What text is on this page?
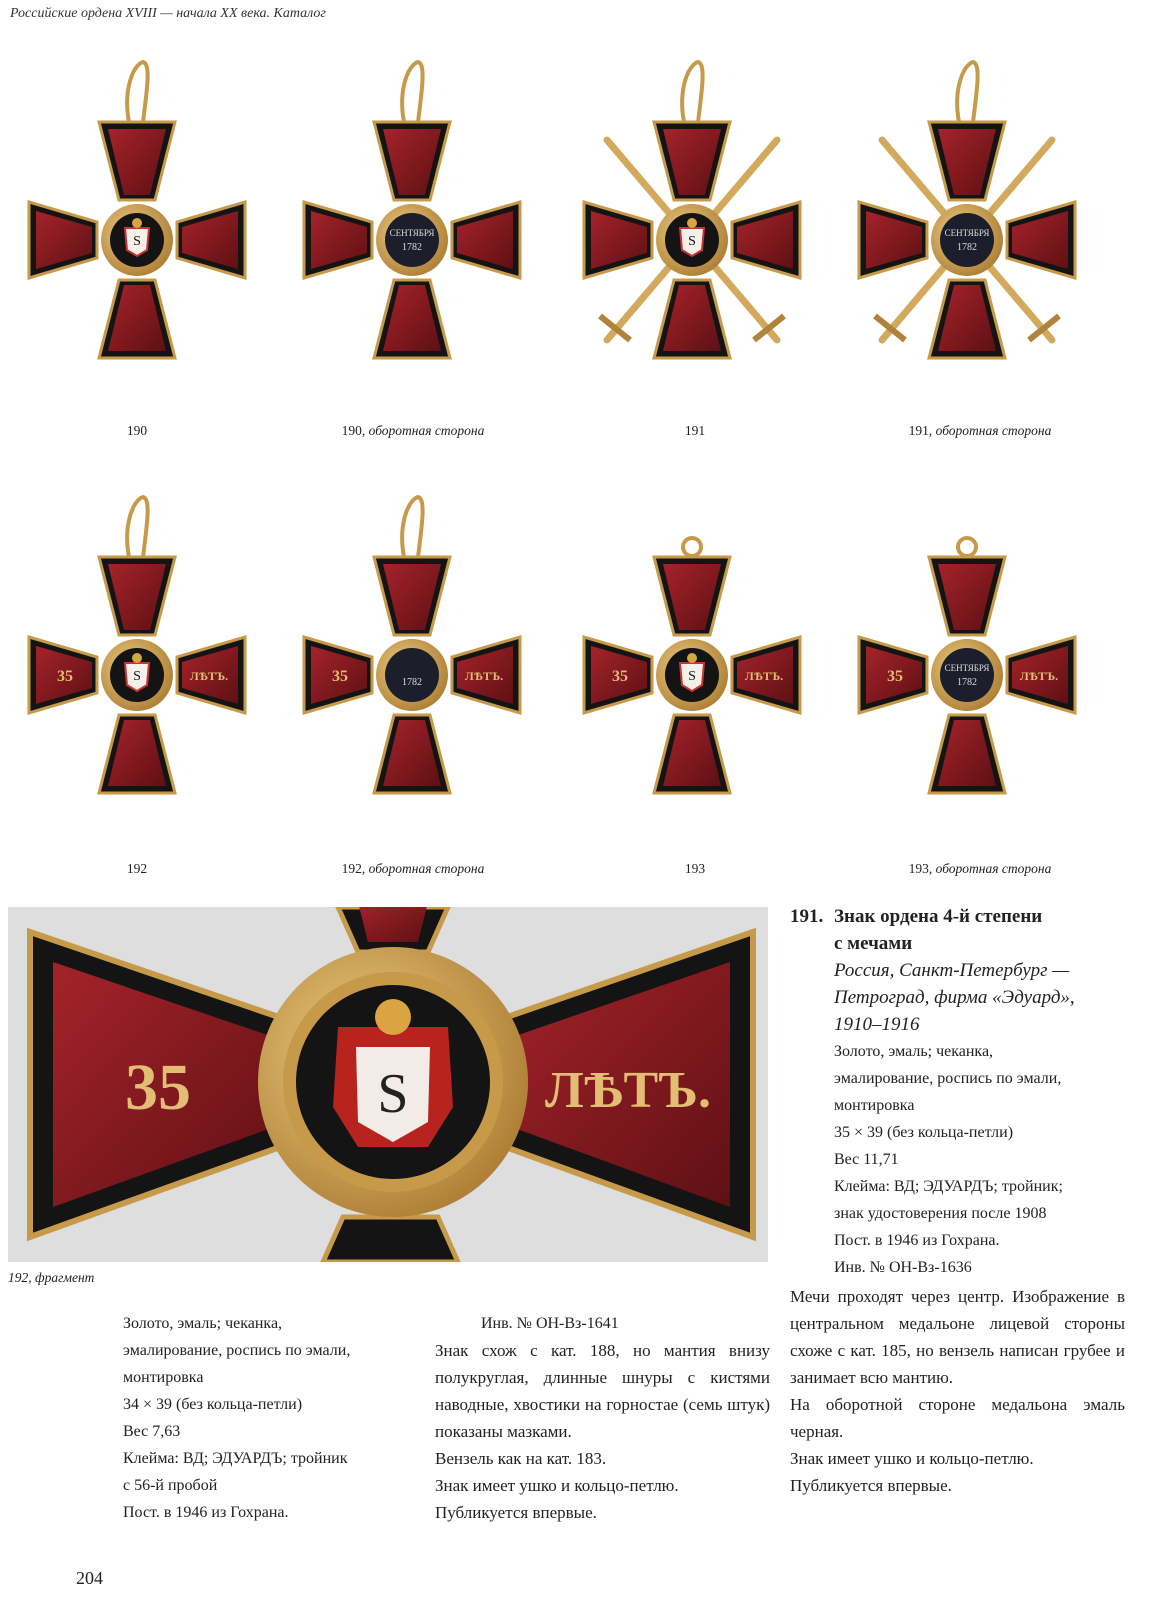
Российские ордена XVIII — начала XX века. Каталог
СЕНТЯБРЯ
1782
СЕНТЯБРЯ
1782
190	190, оборотная сторона	191	191, оборотная сторона
35	ЛѢТЪ.	1782
35	ЛѢТЪ.	35	ЛѢТЪ.
СЕНТЯБРЯ
1782
35	ЛѢТЪ.
192	192, оборотная сторона	193	193, оборотная сторона
S
35	ЛѢТЪ.
192, фрагмент
191. Знак ордена 4-й степени

с мечами

Россия, Санкт-Петербург —

Петроград, фирма «Эдуард»,

1910–1916

Золото, эмаль; чеканка,

эмалирование, роспись по эмали,

монтировка

35 × 39 (без кольца-петли)

Вес 11,71

Клейма: ВД; ЭДУАРДЪ; тройник;

знак удостоверения после 1908

Пост. в 1946 из Гохрана.

Инв. № ОН-Вз-1636

Мечи проходят через центр. Изображение в центральном медальоне лицевой стороны схоже с кат. 185, но вензель написан грубее и занимает всю мантию.

На оборотной стороне медальона эмаль черная.

Знак имеет ушко и кольцо-петлю.

Публикуется впервые.

Золото, эмаль; чеканка,

эмалирование, роспись по эмали,

монтировка

34 × 39 (без кольца-петли)

Вес 7,63

Клейма: ВД; ЭДУАРДЪ; тройник

с 56-й пробой

Пост. в 1946 из Гохрана.

Инв. № ОН-Вз-1641

Знак схож с кат. 188, но мантия внизу полукруглая, длинные шнуры с кистями наводные, хвостики на горностае (семь штук) показаны мазками.

Вензель как на кат. 183.

Знак имеет ушко и кольцо-петлю.

Публикуется впервые.

204
